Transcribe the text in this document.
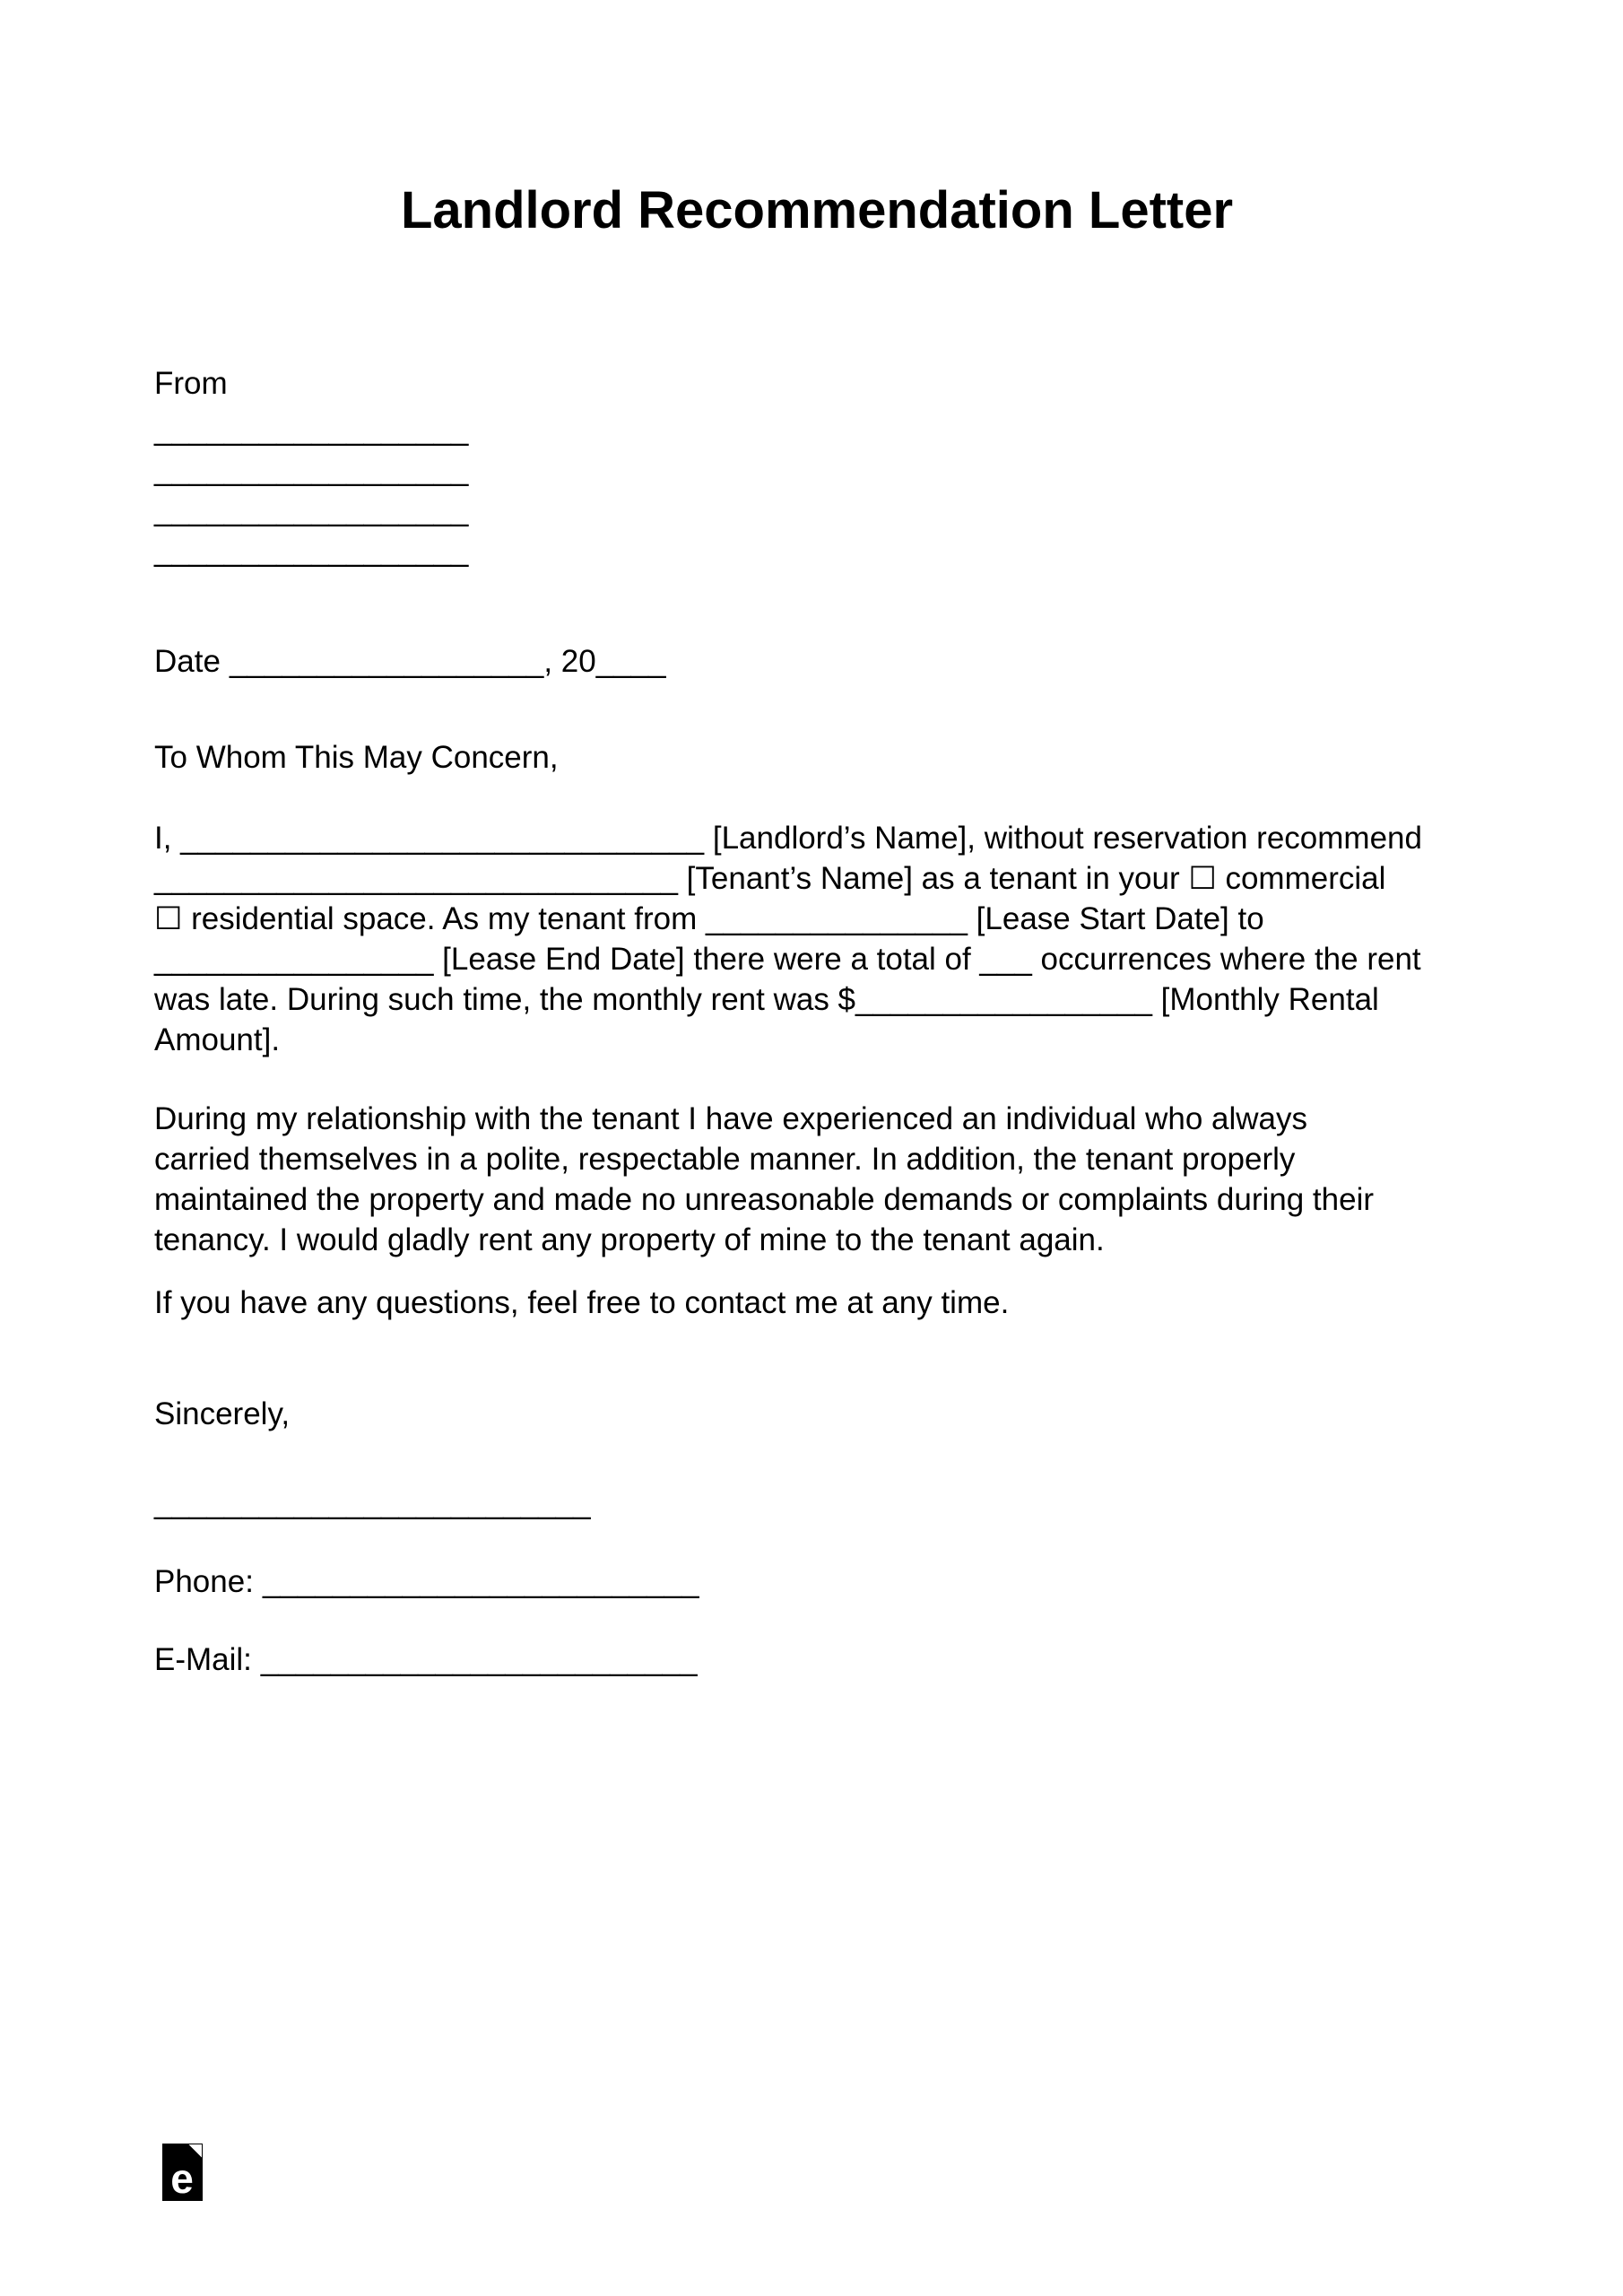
Landlord Recommendation Letter
From
__________________
__________________
__________________
__________________
Date __________________, 20____
To Whom This May Concern,
I, ______________________________ [Landlord’s Name], without reservation recommend
______________________________ [Tenant’s Name] as a tenant in your ☐ commercial
☐ residential space. As my tenant from _______________ [Lease Start Date] to
________________ [Lease End Date] there were a total of ___ occurrences where the rent
was late. During such time, the monthly rent was $_________________ [Monthly Rental
Amount].
During my relationship with the tenant I have experienced an individual who always
carried themselves in a polite, respectable manner. In addition, the tenant properly
maintained the property and made no unreasonable demands or complaints during their
tenancy. I would gladly rent any property of mine to the tenant again.
If you have any questions, feel free to contact me at any time.
Sincerely,
_________________________
Phone: _________________________
E-Mail: _________________________
e
